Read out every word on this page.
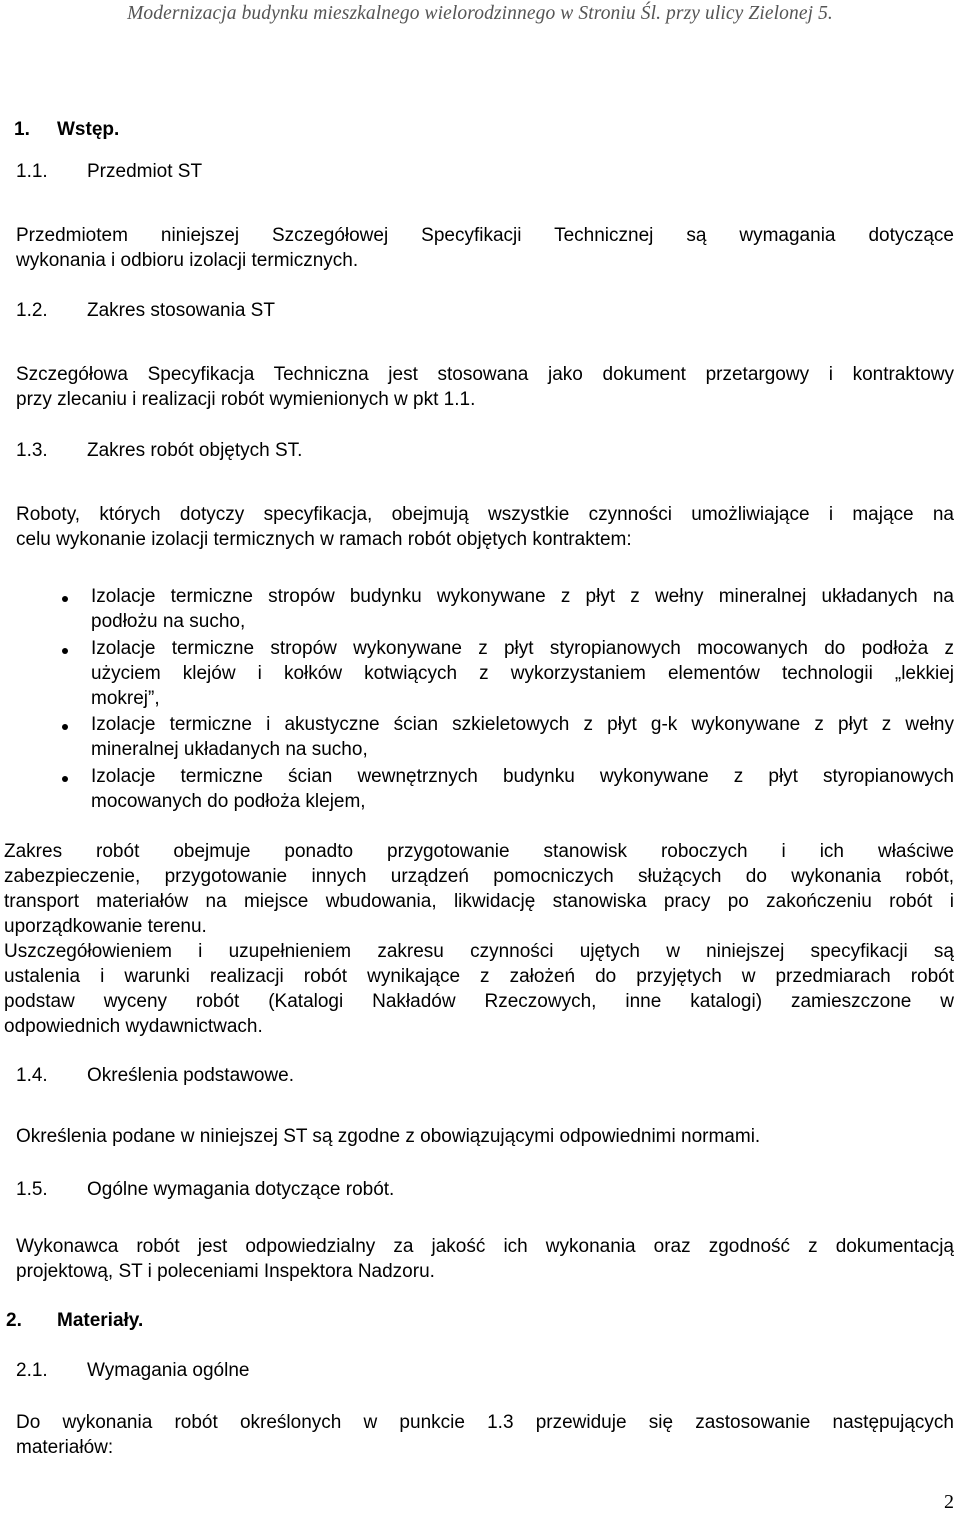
Modernizacja budynku mieszkalnego wielorodzinnego w Stroniu Śl. przy ulicy Zielonej 5.
1. Wstęp.
1.1. Przedmiot ST
Przedmiotem niniejszej Szczegółowej Specyfikacji Technicznej są wymagania dotyczące
wykonania i odbioru izolacji termicznych.
1.2. Zakres stosowania ST
Szczegółowa Specyfikacja Techniczna jest stosowana jako dokument przetargowy i kontraktowy
przy zlecaniu i realizacji robót wymienionych w pkt 1.1.
1.3. Zakres robót objętych ST.
Roboty, których dotyczy specyfikacja, obejmują wszystkie czynności umożliwiające i mające na
celu wykonanie izolacji termicznych w ramach robót objętych kontraktem:
Izolacje termiczne stropów budynku wykonywane z płyt z wełny mineralnej układanych na
podłożu na sucho,
Izolacje termiczne stropów wykonywane z płyt styropianowych mocowanych do podłoża z
użyciem klejów i kołków kotwiących z wykorzystaniem elementów technologii „lekkiej
mokrej”,
Izolacje termiczne i akustyczne ścian szkieletowych z płyt g-k wykonywane z płyt z wełny
mineralnej układanych na sucho,
Izolacje termiczne ścian wewnętrznych budynku wykonywane z płyt styropianowych
mocowanych do podłoża klejem,
Zakres robót obejmuje ponadto przygotowanie stanowisk roboczych i ich właściwe
zabezpieczenie, przygotowanie innych urządzeń pomocniczych służących do wykonania robót,
transport materiałów na miejsce wbudowania, likwidację stanowiska pracy po zakończeniu robót i
uporządkowanie terenu.
Uszczegółowieniem i uzupełnieniem zakresu czynności ujętych w niniejszej specyfikacji są
ustalenia i warunki realizacji robót wynikające z założeń do przyjętych w przedmiarach robót
podstaw wyceny robót (Katalogi Nakładów Rzeczowych, inne katalogi) zamieszczone w
odpowiednich wydawnictwach.
1.4. Określenia podstawowe.
Określenia podane w niniejszej ST są zgodne z obowiązującymi odpowiednimi normami.
1.5. Ogólne wymagania dotyczące robót.
Wykonawca robót jest odpowiedzialny za jakość ich wykonania oraz zgodność z dokumentacją
projektową, ST i poleceniami Inspektora Nadzoru.
2. Materiały.
2.1. Wymagania ogólne
Do wykonania robót określonych w punkcie 1.3 przewiduje się zastosowanie następujących
materiałów:
2
